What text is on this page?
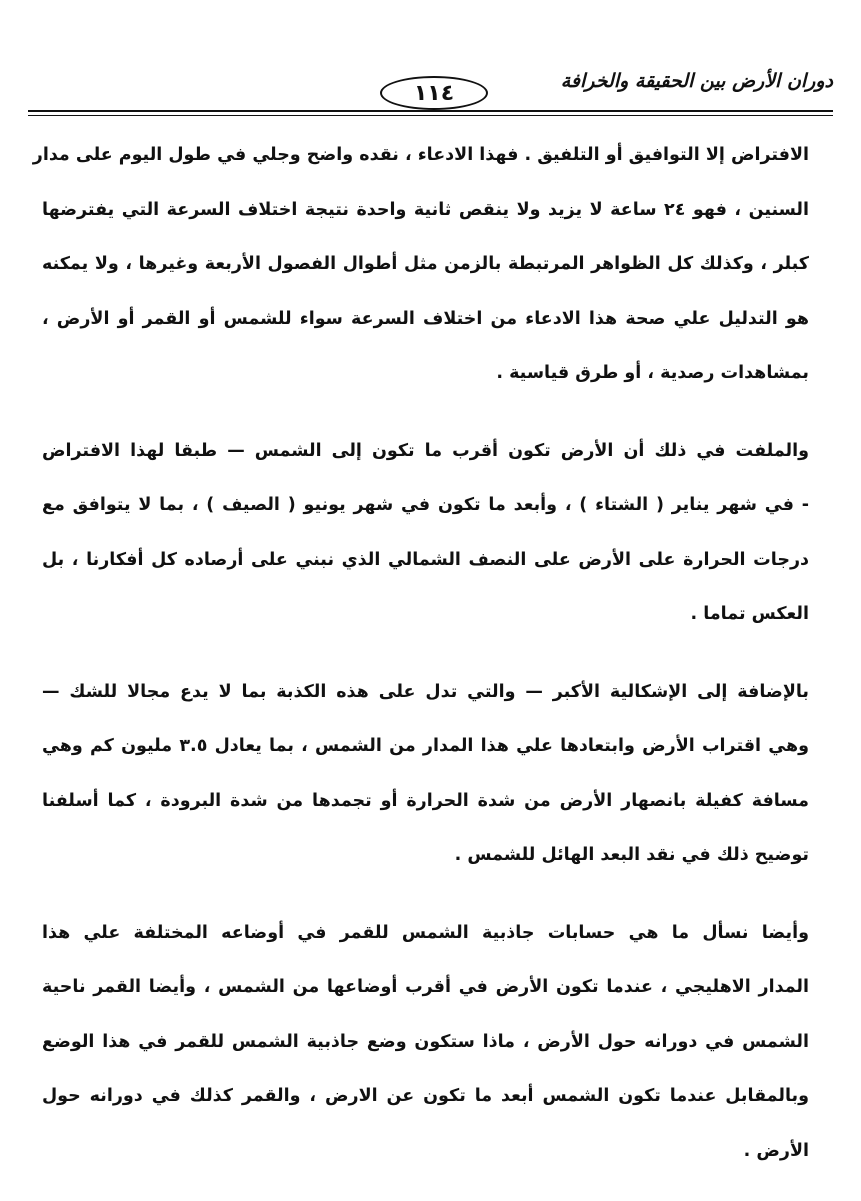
دوران الأرض بين الحقيقة والخرافة
١١٤

الافتراض إلا التوافيق أو التلفيق . فهذا الادعاء ، نقده واضح وجلي في طول اليوم على مدار

السنين ، فهو ٢٤ ساعة لا يزيد ولا ينقص ثانية واحدة نتيجة اختلاف السرعة التي يفترضها

كبلر ، وكذلك كل الظواهر المرتبطة بالزمن مثل أطوال الفصول الأربعة وغيرها ، ولا يمكنه

هو التدليل علي صحة هذا الادعاء من اختلاف السرعة سواء للشمس أو القمر أو الأرض ،

بمشاهدات رصدية ، أو طرق قياسية .

والملفت في ذلك أن الأرض تكون أقرب ما تكون إلى الشمس — طبقا لهذا الافتراض

- في شهر يناير ( الشتاء ) ، وأبعد ما تكون في شهر يونيو ( الصيف ) ، بما لا يتوافق مع

درجات الحرارة على الأرض على النصف الشمالي الذي نبني على أرصاده كل أفكارنا ، بل

العكس تماما .

بالإضافة إلى الإشكالية الأكبر — والتي تدل على هذه الكذبة بما لا يدع مجالا للشك —

وهي اقتراب الأرض وابتعادها علي هذا المدار من الشمس ، بما يعادل ٣.٥ مليون كم وهي

مسافة كفيلة بانصهار الأرض من شدة الحرارة أو تجمدها من شدة البرودة ، كما أسلفنا

توضيح ذلك في نقد البعد الهائل للشمس .

وأيضا نسأل ما هي حسابات جاذبية الشمس للقمر في أوضاعه المختلفة علي هذا

المدار الاهليجي ، عندما تكون الأرض في أقرب أوضاعها من الشمس ، وأيضا القمر ناحية

الشمس في دورانه حول الأرض ، ماذا ستكون وضع جاذبية الشمس للقمر في هذا الوضع

وبالمقابل عندما تكون الشمس أبعد ما تكون عن الارض ، والقمر كذلك في دورانه حول

الأرض .
